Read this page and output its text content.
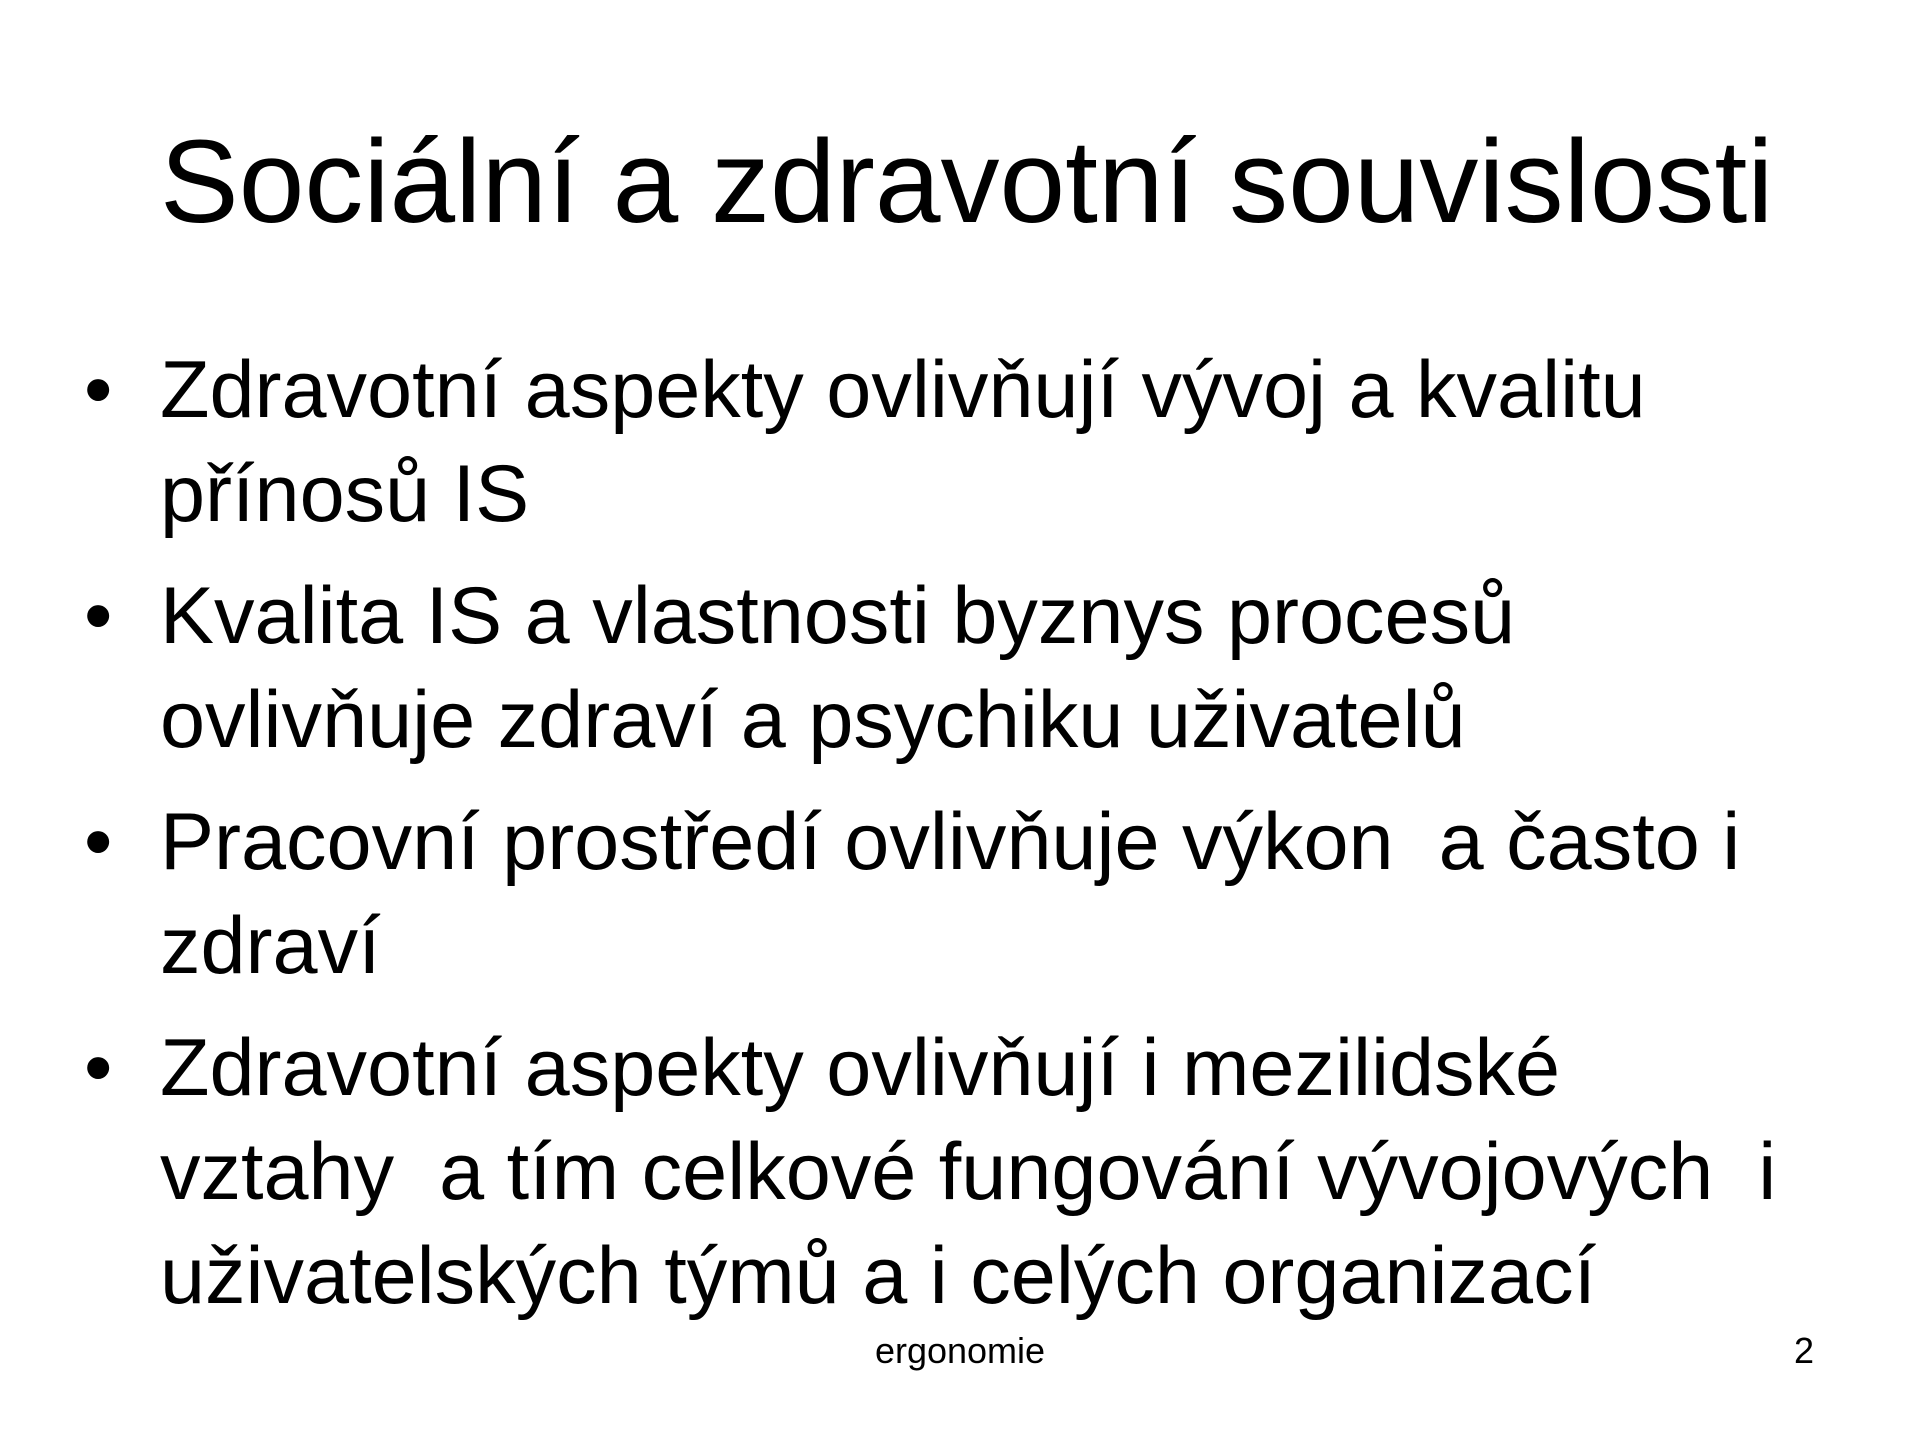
Sociální a zdravotní souvislosti
• Zdravotní aspekty ovlivňují vývoj a kvalitu
přínosů IS
• Kvalita IS a vlastnosti byznys procesů
ovlivňuje zdraví a psychiku uživatelů
• Pracovní prostředí ovlivňuje výkon  a často i
zdraví
• Zdravotní aspekty ovlivňují i mezilidské
vztahy  a tím celkové fungování vývojových  i
uživatelských týmů a i celých organizací
ergonomie	2
